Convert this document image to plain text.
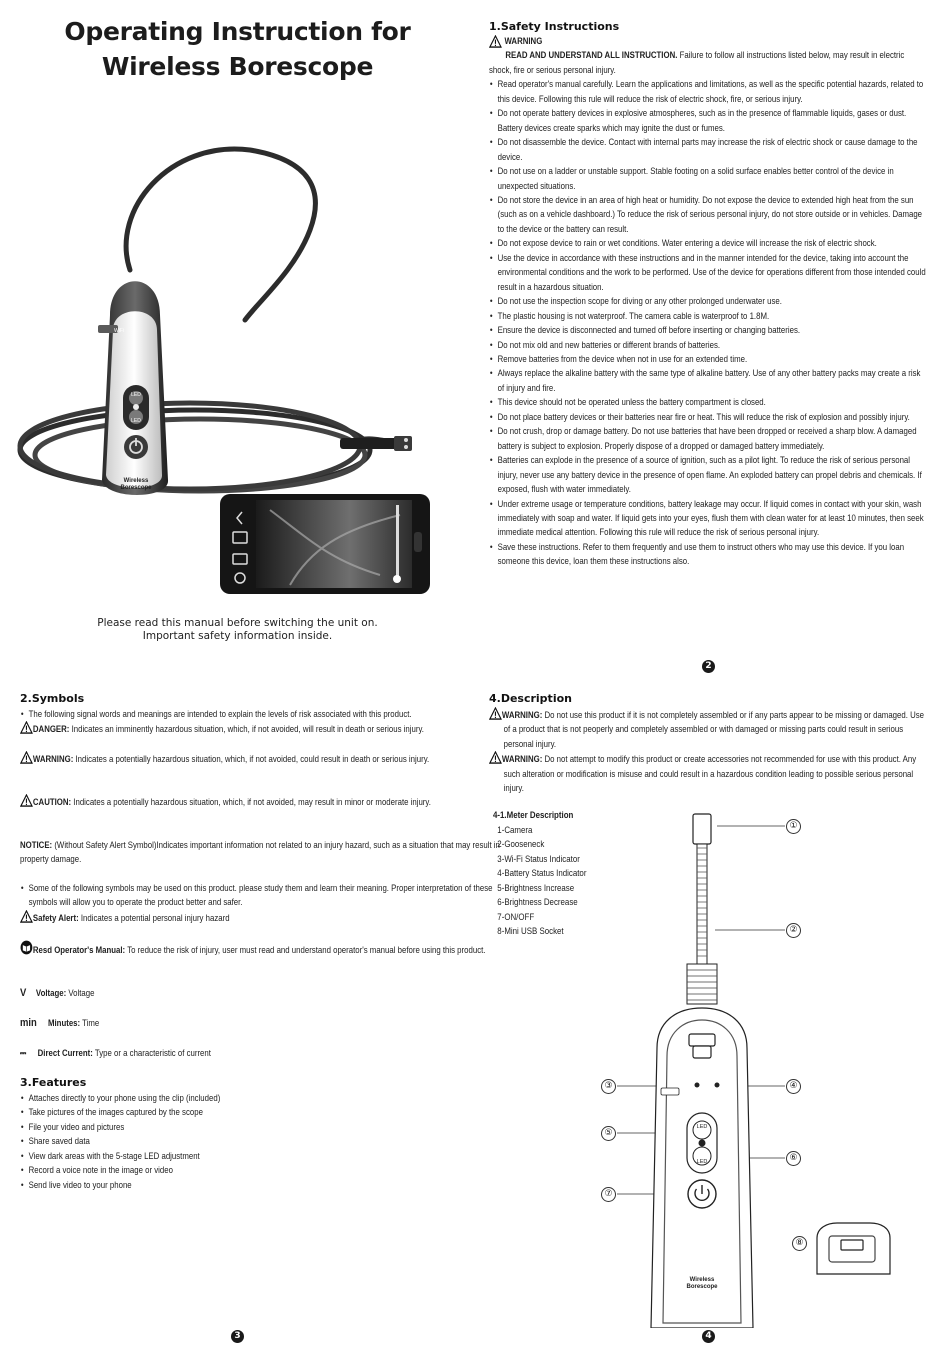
Operating Instruction for
Wireless Borescope
WiFi
LED
LED
Wireless
Borescope
Please read this manual before switching the unit on.
Important safety information inside.
1.Safety Instructions
WARNING
READ AND UNDERSTAND ALL INSTRUCTION. Failure to follow all instructions listed below, may result in electric shock, fire or serious personal injury.
• Read operator's manual carefully. Learn the applications and limitations, as well as the specific potential hazards, related to this device. Following this rule will reduce the risk of electric shock, fire, or serious injury.
• Do not operate battery devices in explosive atmospheres, such as in the presence of flammable liquids, gases or dust. Battery devices create sparks which may ignite the dust or fumes.
• Do not disassemble the device. Contact with internal parts may increase the risk of electric shock or cause damage to the device.
• Do not use on a ladder or unstable support. Stable footing on a solid surface enables better control of the device in unexpected situations.
• Do not store the device in an area of high heat or humidity. Do not expose the device to extended high heat from the sun (such as on a vehicle dashboard.) To reduce the risk of serious personal injury, do not store outside or in vehicles. Damage to the device or the battery can result.
• Do not expose device to rain or wet conditions. Water entering a device will increase the risk of electric shock.
• Use the device in accordance with these instructions and in the manner intended for the device, taking into account the environmental conditions and the work to be performed. Use of the device for operations different from those intended could result in a hazardous situation.
• Do not use the inspection scope for diving or any other prolonged underwater use.
• The plastic housing is not waterproof. The camera cable is waterproof to 1.8M.
• Ensure the device is disconnected and turned off before inserting or changing batteries.
• Do not mix old and new batteries or different brands of batteries.
• Remove batteries from the device when not in use for an extended time.
• Always replace the alkaline battery with the same type of alkaline battery. Use of any other battery packs may create a risk of injury and fire.
• This device should not be operated unless the battery compartment is closed.
• Do not place battery devices or their batteries near fire or heat. This will reduce the risk of explosion and possibly injury.
• Do not crush, drop or damage battery. Do not use batteries that have been dropped or received a sharp blow. A damaged battery is subject to explosion. Properly dispose of a dropped or damaged battery immediately.
• Batteries can explode in the presence of a source of ignition, such as a pilot light. To reduce the risk of serious personal injury, never use any battery device in the presence of open flame. An exploded battery can propel debris and chemicals. If exposed, flush with water immediately.
• Under extreme usage or temperature conditions, battery leakage may occur. If liquid comes in contact with your skin, wash immediately with soap and water. If liquid gets into your eyes, flush them with clean water for at least 10 minutes, then seek immediate medical attention. Following this rule will reduce the risk of serious personal injury.
• Save these instructions. Refer to them frequently and use them to instruct others who may use this device. If you loan someone this device, loan them these instructions also.
2
2.Symbols
• The following signal words and meanings are intended to explain the levels of risk associated with this product.
DANGER: Indicates an imminently hazardous situation, which, if not avoided, will result in death or serious injury.
WARNING: Indicates a potentially hazardous situation, which, if not avoided, could result in death or serious injury.
CAUTION: Indicates a potentially hazardous situation, which, if not avoided, may result in minor or moderate injury.
NOTICE: (Without Safety Alert Symbol)Indicates important information not related to an injury hazard, such as a situation that may result in property damage.
• Some of the following symbols may be used on this product. please study them and learn their meaning. Proper interpretation of these symbols will allow you to operate the product better and safer.
Safety Alert: Indicates a potential personal injury hazard
Resd Operator's Manual: To reduce the risk of injury, user must read and understand operator's manual before using this product.
V Voltage: Voltage
min Minutes: Time
⎓ Direct Current: Type or a characteristic of current
3.Features
• Attaches directly to your phone using the clip (included)
• Take pictures of the images captured by the scope
• File your video and pictures
• Share saved data
• View dark areas with the 5-stage LED adjustment
• Record a voice note in the image or video
• Send live video to your phone
3
4.Description
WARNING: Do not use this product if it is not completely assembled or if any parts appear to be missing or damaged. Use of a product that is not peoperly and completely assembled or with damaged or missing parts could result in serious personal injury.
WARNING: Do not attempt to modify this product or create accessories not recommended for use with this product. Any such alteration or modification is misuse and could result in a hazardous condition leading to possible serious personal injury.
4-1.Meter Description
1-Camera
2-Gooseneck
3-Wi-Fi Status Indicator
4-Battery Status Indicator
5-Brightness Increase
6-Brightness Decrease
7-ON/OFF
8-Mini USB Socket
LED
LED
Wireless
Borescope
①
②
③	④
⑤
⑥
⑦
⑧
4
